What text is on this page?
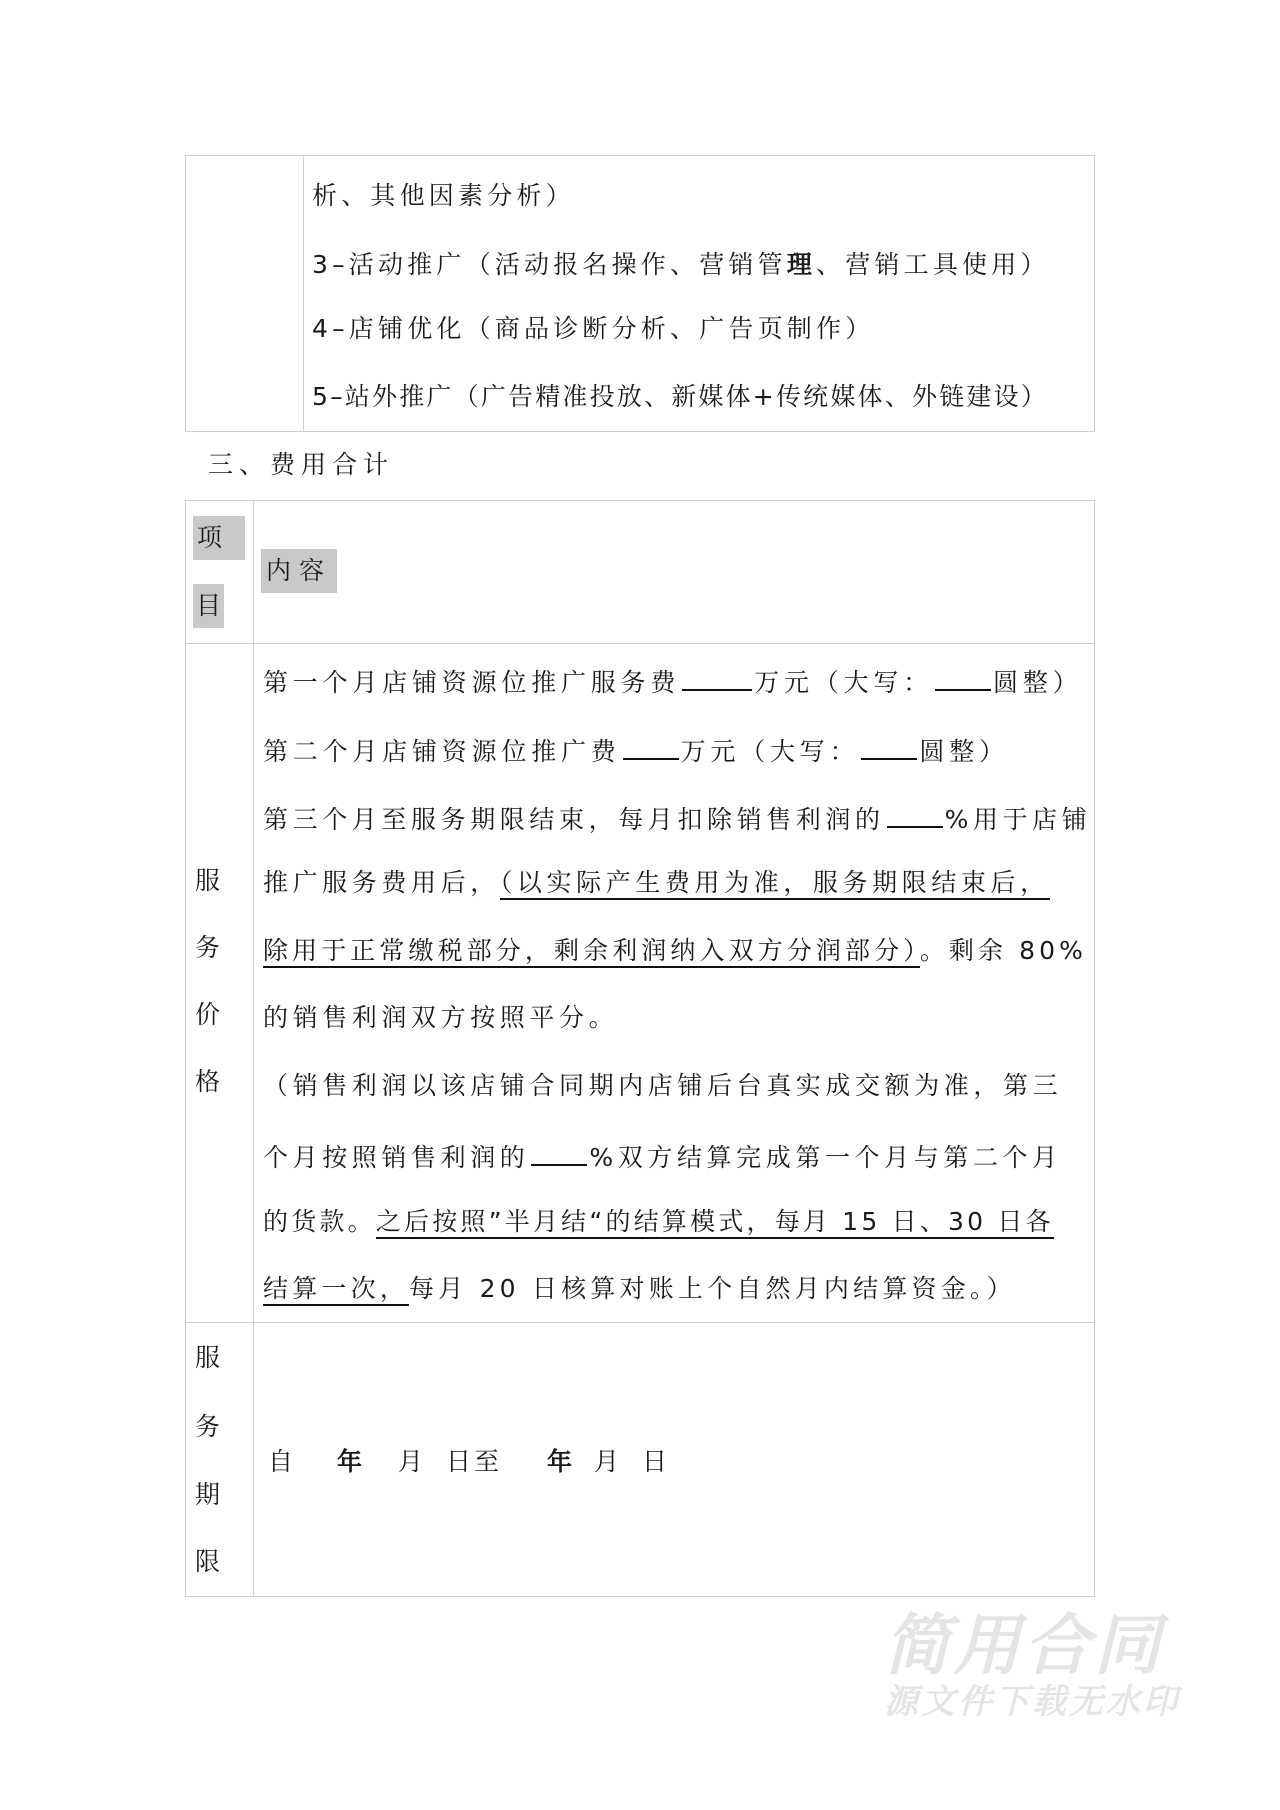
析、其他因素分析）
3–活动推广（活动报名操作、营销管理、营销工具使用）
4–店铺优化（商品诊断分析、广告页制作）
5–站外推广（广告精准投放、新媒体+传统媒体、外链建设）
三、费用合计
项
目
内 容
服
务
价
格
第一个月店铺资源位推广服务费	万元（大写： 圆整）
第二个月店铺资源位推广费 万元（大写： 圆整）
第三个月至服务期限结束，每月扣除销售利润的 %用于店铺
推广服务费用后，（以实际产生费用为准，服务期限结束后，
除用于正常缴税部分，剩余利润纳入双方分润部分）。剩余 80%
的销售利润双方按照平分。
（销售利润以该店铺合同期内店铺后台真实成交额为准，第三
个月按照销售利润的 %双方结算完成第一个月与第二个月
的货款。之后按照”半月结“的结算模式，每月 15 日、30 日各
结算一次，每月 20 日核算对账上个自然月内结算资金。）
服
务
期
限
自 年 月 日至 年 月 日
简用合同
源文件下载无水印
